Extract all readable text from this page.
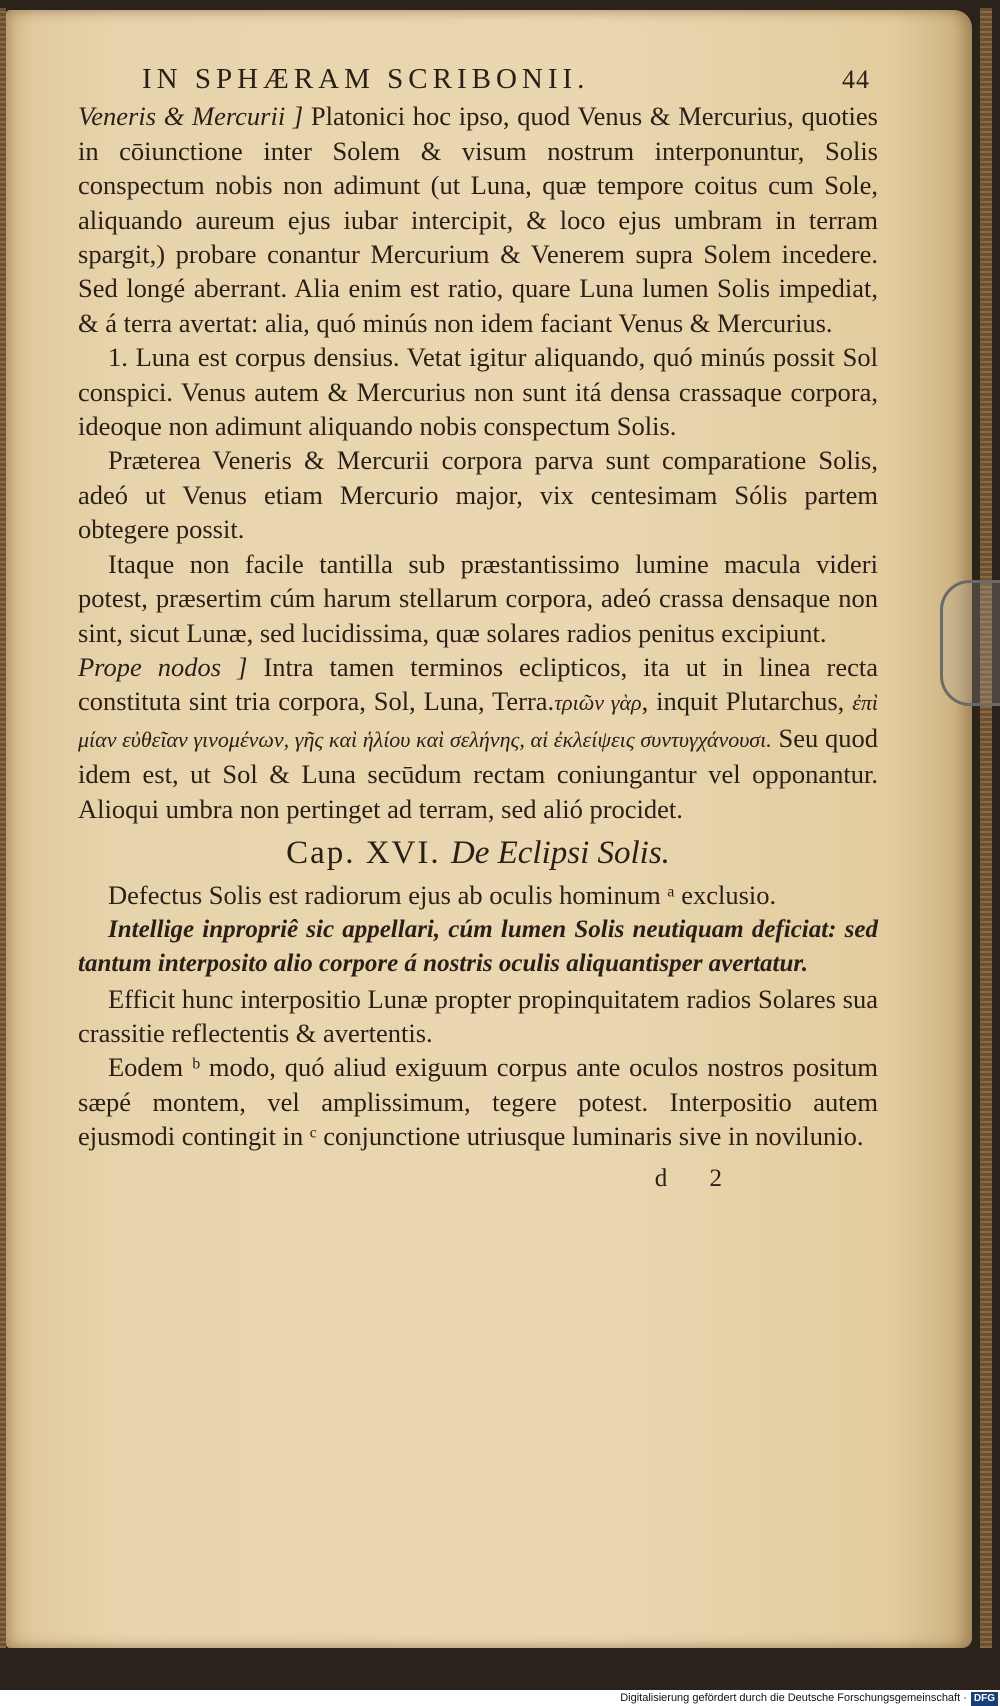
IN SPHÆRAM SCRIBONII.	44

Veneris & Mercurii ] Platonici hoc ipso, quod Venus & Mercurius, quoties in cōiunctione inter Solem & visum nostrum interponuntur, Solis conspectum nobis non adimunt (ut Luna, quæ tempore coitus cum Sole, aliquando aureum ejus iubar intercipit, & loco ejus umbram in terram spargit,) probare conantur Mercurium & Venerem supra Solem incedere. Sed longé aberrant. Alia enim est ratio, quare Luna lumen Solis impediat, & á terra avertat: alia, quó minús non idem faciant Venus & Mercurius.

1. Luna est corpus densius. Vetat igitur aliquando, quó minús possit Sol conspici. Venus autem & Mercurius non sunt itá densa crassaque corpora, ideoque non adimunt aliquando nobis conspectum Solis.

Præterea Veneris & Mercurii corpora parva sunt comparatione Solis, adeó ut Venus etiam Mercurio major, vix centesimam Sólis partem obtegere possit.

Itaque non facile tantilla sub præstantissimo lumine macula videri potest, præsertim cúm harum stellarum corpora, adeó crassa densaque non sint, sicut Lunæ, sed lucidissima, quæ solares radios penitus excipiunt.

Prope nodos ] Intra tamen terminos eclipticos, ita ut in linea recta constituta sint tria corpora, Sol, Luna, Terra.τριῶν γὰρ, inquit Plutarchus, ἐπὶ μίαν εὐθεῖαν γινομένων, γῆς καὶ ἡλίου καὶ σελήνης, αἱ ἐκλείψεις συντυγχάνουσι. Seu quod idem est, ut Sol & Luna secūdum rectam coniungantur vel opponantur. Alioqui umbra non pertinget ad terram, sed alió procidet.

Cap. XVI. De Eclipsi Solis.

Defectus Solis est radiorum ejus ab oculis hominum ᵃ exclusio.

Intellige inpropriê sic appellari, cúm lumen Solis neutiquam deficiat: sed tantum interposito alio corpore á nostris oculis aliquantisper avertatur.

Efficit hunc interpositio Lunæ propter propinquitatem radios Solares sua crassitie reflectentis & avertentis.

Eodem ᵇ modo, quó aliud exiguum corpus ante oculos nostros positum sæpé montem, vel amplissimum, tegere potest. Interpositio autem ejusmodi contingit in ᶜ conjunctione utriusque luminaris sive in novilunio.

d 2
Digitalisierung gefördert durch die Deutsche Forschungsgemeinschaft · DFG
